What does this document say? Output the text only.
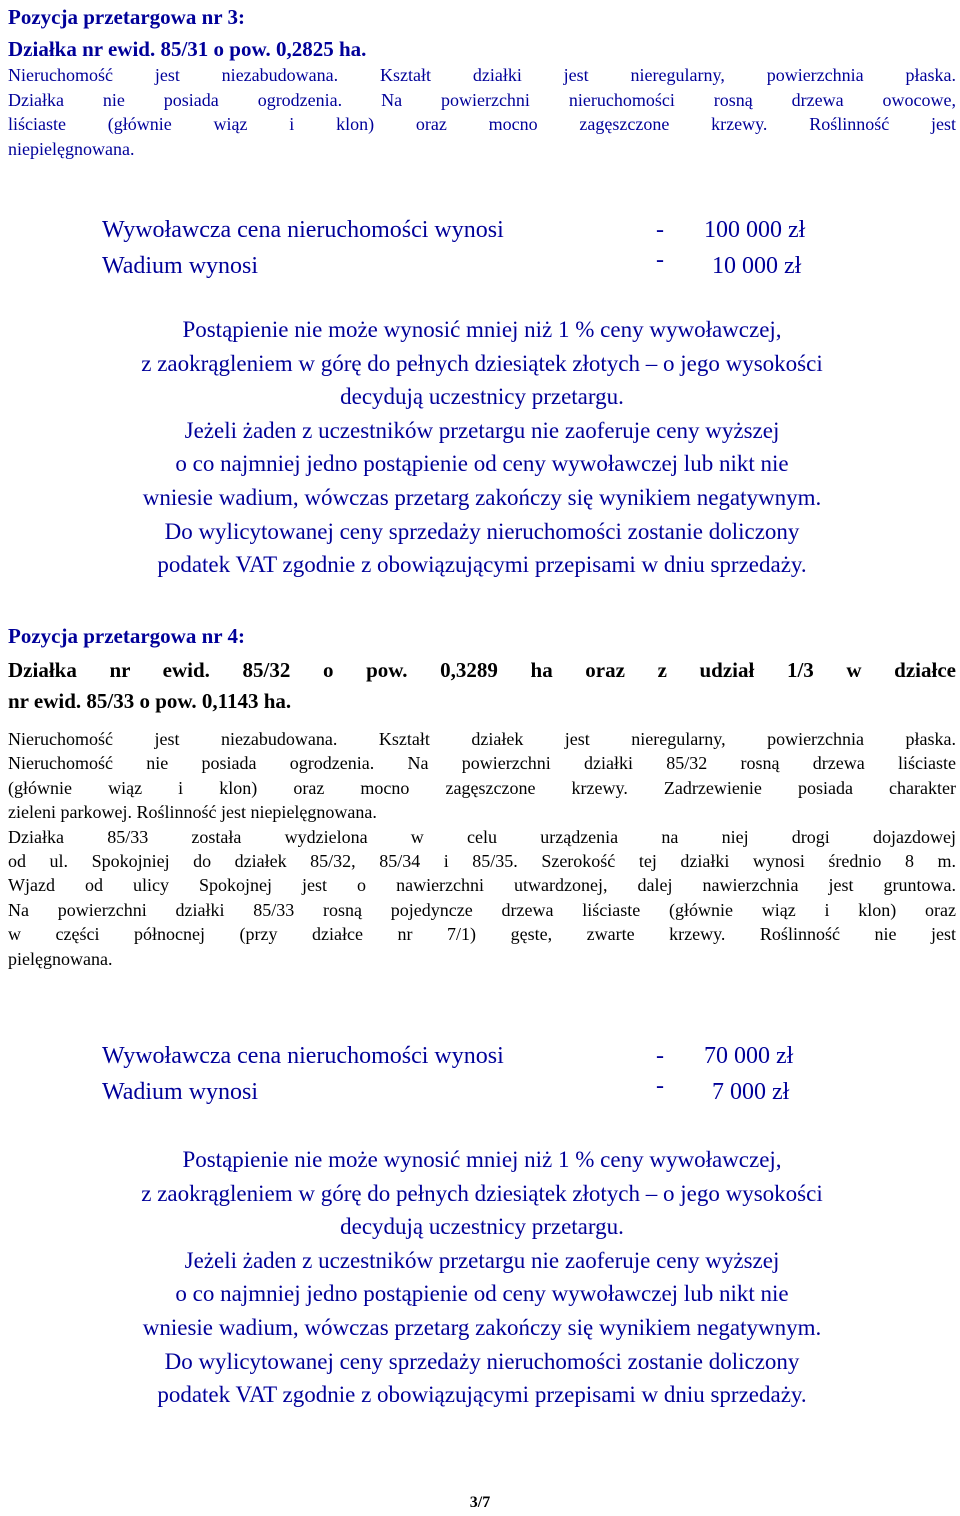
Pozycja przetargowa nr 3:
Działka nr ewid. 85/31 o pow. 0,2825 ha.
Nieruchomość jest niezabudowana. Kształt działki jest nieregularny, powierzchnia płaska.
Działka nie posiada ogrodzenia. Na powierzchni nieruchomości rosną drzewa owocowe,
liściaste (głównie wiąz i klon) oraz mocno zagęszczone krzewy. Roślinność jest
niepielęgnowana.
Wywoławcza cena nieruchomości wynosi	- 100 000 zł
Wadium wynosi	- 10 000 zł
Postąpienie nie może wynosić mniej niż 1 % ceny wywoławczej,
z zaokrągleniem w górę do pełnych dziesiątek złotych – o jego wysokości
decydują uczestnicy przetargu.
Jeżeli żaden z uczestników przetargu nie zaoferuje ceny wyższej
o co najmniej jedno postąpienie od ceny wywoławczej lub nikt nie
wniesie wadium, wówczas przetarg zakończy się wynikiem negatywnym.
Do wylicytowanej ceny sprzedaży nieruchomości zostanie doliczony
podatek VAT zgodnie z obowiązującymi przepisami w dniu sprzedaży.
Pozycja przetargowa nr 4:
Działka nr ewid. 85/32 o pow. 0,3289 ha oraz z udział 1/3 w działce
nr ewid. 85/33 o pow. 0,1143 ha.
Nieruchomość jest niezabudowana. Kształt działek jest nieregularny, powierzchnia płaska.
Nieruchomość nie posiada ogrodzenia. Na powierzchni działki 85/32 rosną drzewa liściaste
(głównie wiąz i klon) oraz mocno zagęszczone krzewy. Zadrzewienie posiada charakter
zieleni parkowej. Roślinność jest niepielęgnowana.
Działka 85/33 została wydzielona w celu urządzenia na niej drogi dojazdowej
od ul. Spokojniej do działek 85/32, 85/34 i 85/35. Szerokość tej działki wynosi średnio 8 m.
Wjazd od ulicy Spokojnej jest o nawierzchni utwardzonej, dalej nawierzchnia jest gruntowa.
Na powierzchni działki 85/33 rosną pojedyncze drzewa liściaste (głównie wiąz i klon) oraz
w części północnej (przy działce nr 7/1) gęste, zwarte krzewy. Roślinność nie jest
pielęgnowana.
Wywoławcza cena nieruchomości wynosi	- 70 000 zł
Wadium wynosi	- 7 000 zł
Postąpienie nie może wynosić mniej niż 1 % ceny wywoławczej,
z zaokrągleniem w górę do pełnych dziesiątek złotych – o jego wysokości
decydują uczestnicy przetargu.
Jeżeli żaden z uczestników przetargu nie zaoferuje ceny wyższej
o co najmniej jedno postąpienie od ceny wywoławczej lub nikt nie
wniesie wadium, wówczas przetarg zakończy się wynikiem negatywnym.
Do wylicytowanej ceny sprzedaży nieruchomości zostanie doliczony
podatek VAT zgodnie z obowiązującymi przepisami w dniu sprzedaży.
3/7
